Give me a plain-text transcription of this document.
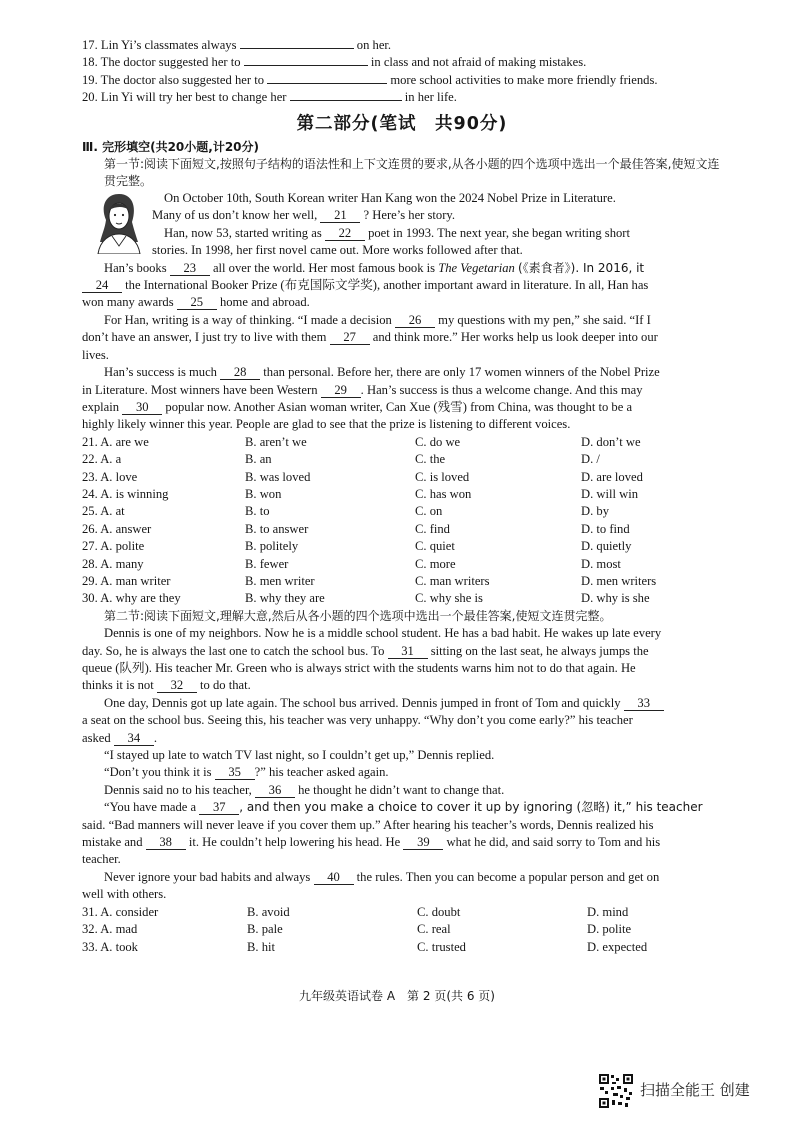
17. Lin Yi’s classmates always	on her.
18. The doctor suggested her to	in class and not afraid of making mistakes.
19. The doctor also suggested her to	more school activities to make more friendly friends.
20. Lin Yi will try her best to change her	in her life.
第二部分(笔试　共90分)
Ⅲ. 完形填空(共20小题,计20分)
第一节:阅读下面短文,按照句子结构的语法性和上下文连贯的要求,从各小题的四个选项中选出一个最佳答案,使短文连贯完整。
On October 10th, South Korean writer Han Kang won the 2024 Nobel Prize in Literature.
Many of us don’t know her well, 21 ? Here’s her story.
Han, now 53, started writing as 22 poet in 1993. The next year, she began writing short
stories. In 1998, her first novel came out. More works followed after that.
Han’s books 23 all over the world. Her most famous book is The Vegetarian (《素食者》). In 2016, it
24 the International Booker Prize (布克国际文学奖), another important award in literature. In all, Han has
won many awards 25 home and abroad.
For Han, writing is a way of thinking. “I made a decision 26 my questions with my pen,” she said. “If I
don’t have an answer, I just try to live with them 27 and think more.” Her works help us look deeper into our
lives.
Han’s success is much 28 than personal. Before her, there are only 17 women winners of the Nobel Prize
in Literature. Most winners have been Western 29 . Han’s success is thus a welcome change. And this may
explain 30 popular now. Another Asian woman writer, Can Xue (残雪) from China, was thought to be a
highly likely winner this year. People are glad to see that the prize is listening to different voices.
21. A. are we	B. aren’t we	C. do we	D. don’t we
22. A. a	B. an	C. the	D. /
23. A. love	B. was loved	C. is loved	D. are loved
24. A. is winning	B. won	C. has won	D. will win
25. A. at	B. to	C. on	D. by
26. A. answer	B. to answer	C. find	D. to find
27. A. polite	B. politely	C. quiet	D. quietly
28. A. many	B. fewer	C. more	D. most
29. A. man writer	B. men writer	C. man writers	D. men writers
30. A. why are they	B. why they are	C. why she is	D. why is she
第二节:阅读下面短文,理解大意,然后从各小题的四个选项中选出一个最佳答案,使短文连贯完整。
Dennis is one of my neighbors. Now he is a middle school student. He has a bad habit. He wakes up late every
day. So, he is always the last one to catch the school bus. To 31 sitting on the last seat, he always jumps the
queue (队列). His teacher Mr. Green who is always strict with the students warns him not to do that again. He
thinks it is not 32 to do that.
One day, Dennis got up late again. The school bus arrived. Dennis jumped in front of Tom and quickly 33
a seat on the school bus. Seeing this, his teacher was very unhappy. “Why don’t you come early?” his teacher
asked 34 .
“I stayed up late to watch TV last night, so I couldn’t get up,” Dennis replied.
“Don’t you think it is 35 ?” his teacher asked again.
Dennis said no to his teacher, 36 he thought he didn’t want to change that.
“You have made a 37 , and then you make a choice to cover it up by ignoring (忽略) it,” his teacher
said. “Bad manners will never leave if you cover them up.” After hearing his teacher’s words, Dennis realized his
mistake and 38 it. He couldn’t help lowering his head. He 39 what he did, and said sorry to Tom and his
teacher.
Never ignore your bad habits and always 40 the rules. Then you can become a popular person and get on
well with others.
31. A. consider	B. avoid	C. doubt	D. mind
32. A. mad	B. pale	C. real	D. polite
33. A. took	B. hit	C. trusted	D. expected
九年级英语试卷 A　第 2 页(共 6 页)
扫描全能王 创建
